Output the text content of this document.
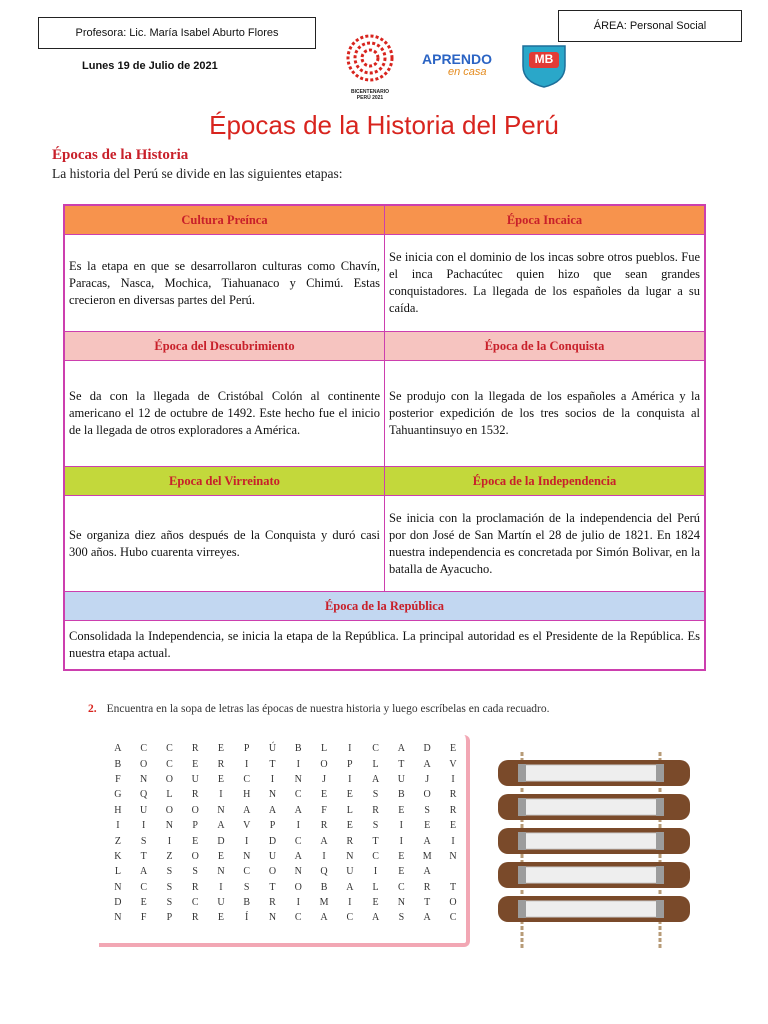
Profesora: Lic. María Isabel Aburto Flores
ÁREA: Personal Social
Lunes 19 de Julio de 2021
BICENTENARIO
PERÚ 2021
APRENDO
en casa
MB
Épocas de la Historia del Perú
Épocas de la Historia
La historia del Perú se divide en las siguientes etapas:
Cultura Preínca	Época Incaica
Es la etapa en que se desarrollaron culturas como Chavín, Paracas, Nasca, Mochica, Tiahuanaco y Chimú. Estas crecieron en diversas partes del Perú.
Se inicia con el dominio de los incas sobre otros pueblos. Fue el inca Pachacútec quien hizo que sean grandes conquistadores. La llegada de los españoles da lugar a su caída.
Época del Descubrimiento	Época de la Conquista
Se da con la llegada de Cristóbal Colón al continente americano el 12 de octubre de 1492. Este hecho fue el inicio de la llegada de otros exploradores a América.
Se produjo con la llegada de los españoles a América y la posterior expedición de los tres socios de la conquista al Tahuantinsuyo en 1532.
Epoca del Virreinato	Época de la Independencia
Se organiza diez años después de la Conquista y duró casi 300 años. Hubo cuarenta virreyes.
Se inicia con la proclamación de la independencia del Perú por don José de San Martín el 28 de julio de 1821. En 1824 nuestra independencia es concretada por Simón Bolivar, en la batalla de Ayacucho.
Época de la República
Consolidada la Independencia, se inicia la etapa de la República. La principal autoridad es el Presidente de la República. Es nuestra etapa actual.
2. Encuentra en la sopa de letras las épocas de nuestra historia y luego escríbelas en cada recuadro.
A	C	C	R	E	P	Ú	B	L	I	C	A	D	E
B	O	C	E	R	I	T	I	O	P	L	T	A	V
F	N	O	U	E	C	I	N	J	I	A	U	J	I
G	Q	L	R	I	H	N	C	E	E	S	B	O	R
H	U	O	O	N	A	A	A	F	L	R	E	S	R
I	I	N	P	A	V	P	I	R	E	S	I	E	E
Z	S	I	E	D	I	D	C	A	R	T	I	A	I
K	T	Z	O	E	N	U	A	I	N	C	E	M	N
L	A	S	S	N	C	O	N	Q	U	I	E	A	
N	C	S	R	I	S	T	O	B	A	L	C	R	T
D	E	S	C	U	B	R	I	M	I	E	N	T	O
N	F	P	R	E	Í	N	C	A	C	A	S	A	C
